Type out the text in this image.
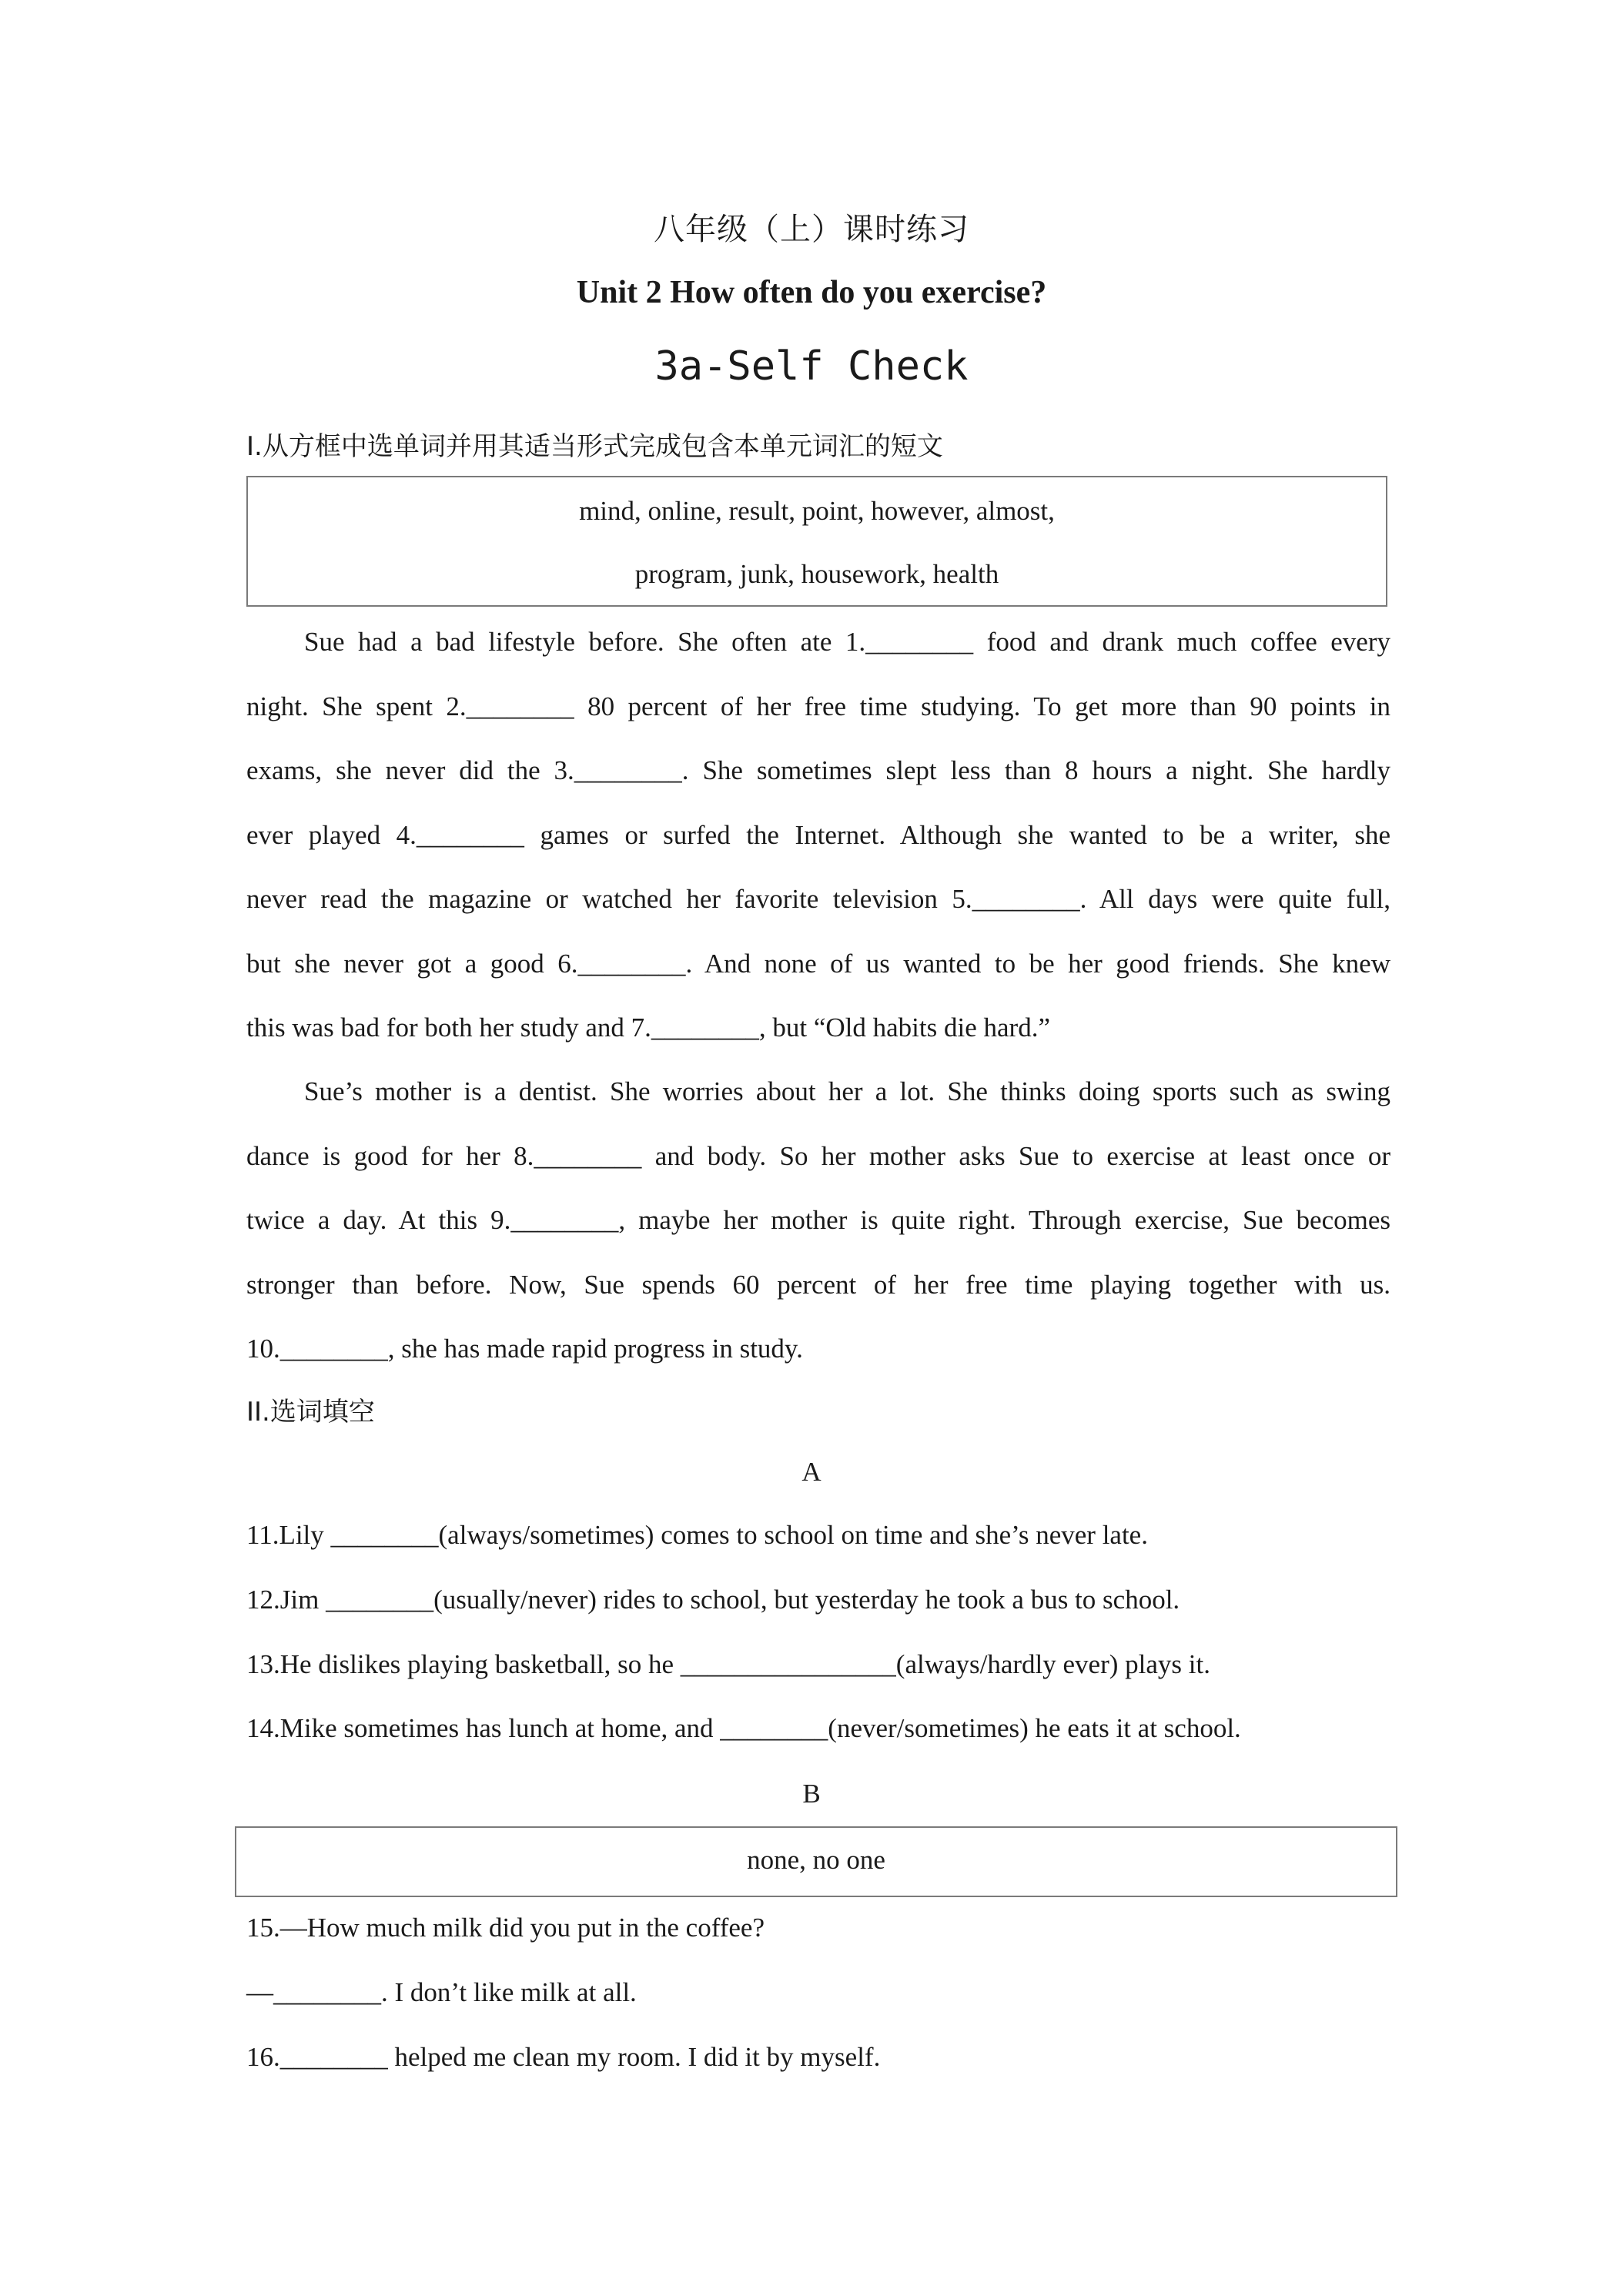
八年级（上）课时练习
Unit 2 How often do you exercise?
3a-Self Check
I.从方框中选单词并用其适当形式完成包含本单元词汇的短文
mind, online, result, point, however, almost,
program, junk, housework, health
Sue had a bad lifestyle before. She often ate 1.________ food and drank much coffee every
night. She spent 2.________ 80 percent of her free time studying. To get more than 90 points in
exams, she never did the 3.________. She sometimes slept less than 8 hours a night. She hardly
ever played 4.________ games or surfed the Internet. Although she wanted to be a writer, she
never read the magazine or watched her favorite television 5.________. All days were quite full,
but she never got a good 6.________. And none of us wanted to be her good friends. She knew
this was bad for both her study and 7.________, but “Old habits die hard.”
Sue’s mother is a dentist. She worries about her a lot. She thinks doing sports such as swing
dance is good for her 8.________ and body. So her mother asks Sue to exercise at least once or
twice a day. At this 9.________, maybe her mother is quite right. Through exercise, Sue becomes
stronger than before. Now, Sue spends 60 percent of her free time playing together with us.
10.________, she has made rapid progress in study.
II.选词填空
A
11.Lily ________(always/sometimes) comes to school on time and she’s never late.
12.Jim ________(usually/never) rides to school, but yesterday he took a bus to school.
13.He dislikes playing basketball, so he ________________(always/hardly ever) plays it.
14.Mike sometimes has lunch at home, and ________(never/sometimes) he eats it at school.
B
none, no one
15.—How much milk did you put in the coffee?
—________. I don’t like milk at all.
16.________ helped me clean my room. I did it by myself.
